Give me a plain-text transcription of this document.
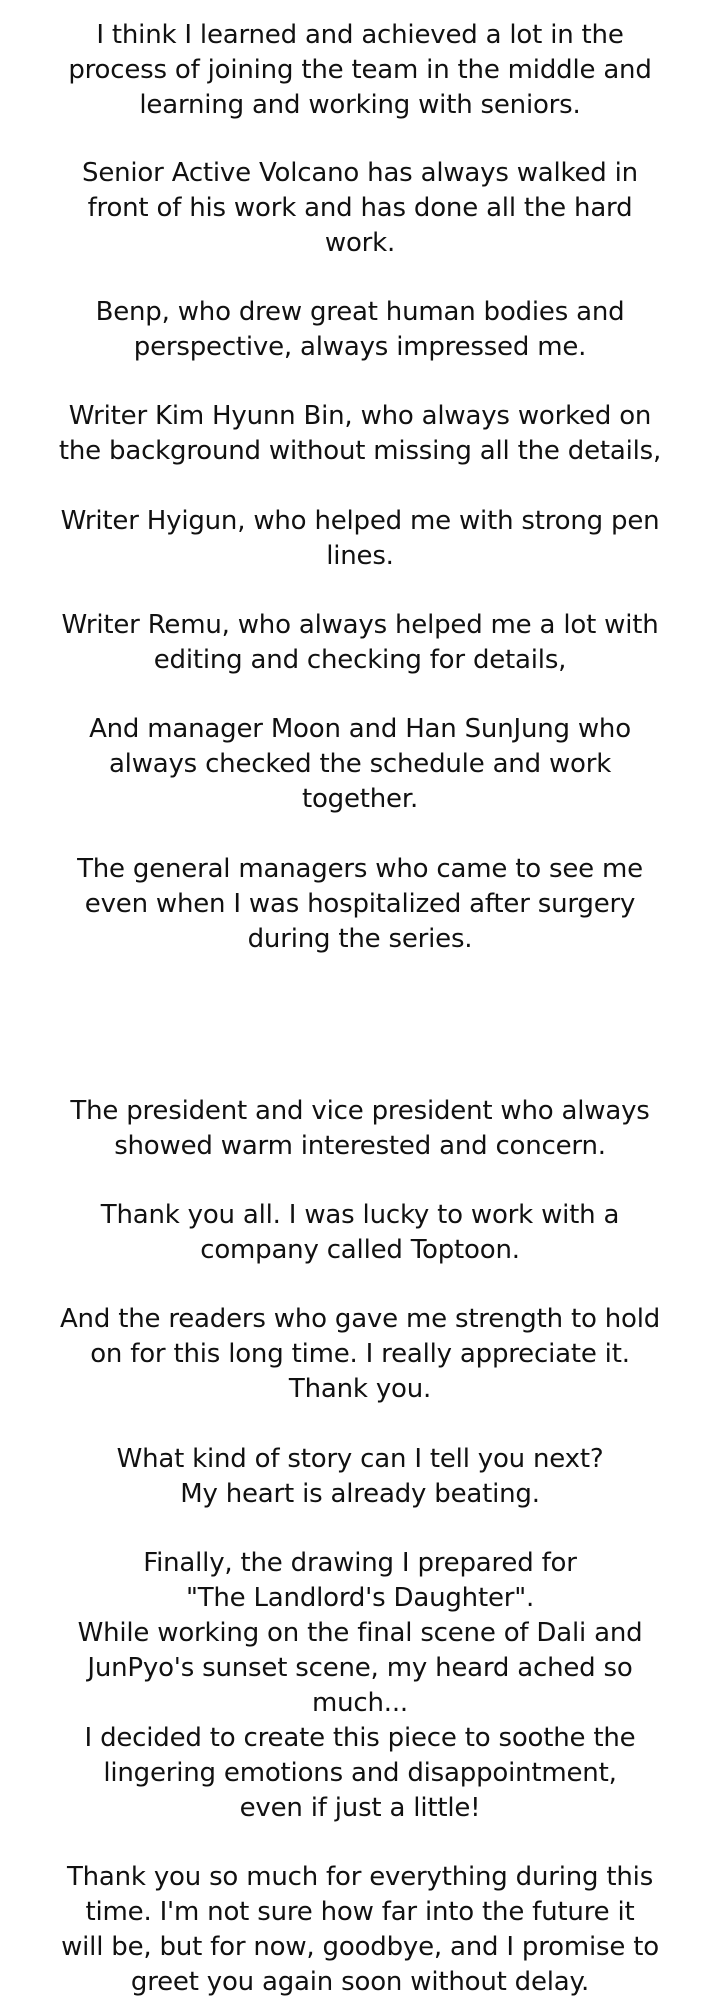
I think I learned and achieved a lot in the
process of joining the team in the middle and
learning and working with seniors.
Senior Active Volcano has always walked in
front of his work and has done all the hard
work.
Benp, who drew great human bodies and
perspective, always impressed me.
Writer Kim Hyunn Bin, who always worked on
the background without missing all the details,
Writer Hyigun, who helped me with strong pen
lines.
Writer Remu, who always helped me a lot with
editing and checking for details,
And manager Moon and Han SunJung who
always checked the schedule and work
together.
The general managers who came to see me
even when I was hospitalized after surgery
during the series.
The president and vice president who always
showed warm interested and concern.
Thank you all. I was lucky to work with a
company called Toptoon.
And the readers who gave me strength to hold
on for this long time. I really appreciate it.
Thank you.
What kind of story can I tell you next?
My heart is already beating.
Finally, the drawing I prepared for
"The Landlord's Daughter".
While working on the final scene of Dali and
JunPyo's sunset scene, my heard ached so
much...
I decided to create this piece to soothe the
lingering emotions and disappointment,
even if just a little!
Thank you so much for everything during this
time. I'm not sure how far into the future it
will be, but for now, goodbye, and I promise to
greet you again soon without delay.
